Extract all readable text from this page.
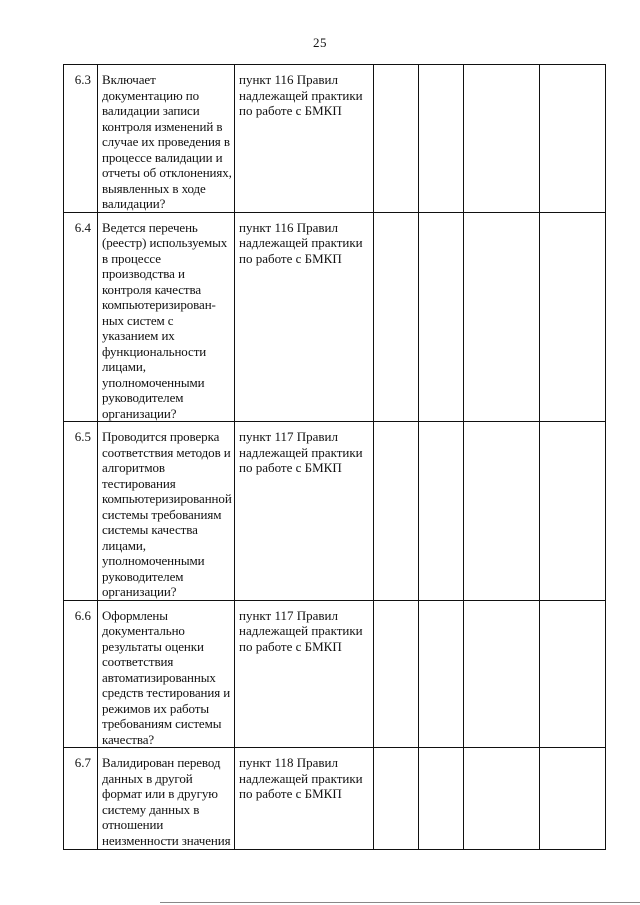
25
6.3	Включает документацию по валидации записи контроля изменений в случае их проведения в процессе валидации и отчеты об отклонениях, выявленных в ходе валидации?	пункт 116 Правил надлежащей практики по работе с БМКП				
6.4	Ведется перечень (реестр) используемых в процессе производства и контроля качества компьютеризирован-ных систем с указанием их функциональности лицами, уполномоченными руководителем организации?	пункт 116 Правил надлежащей практики по работе с БМКП				
6.5	Проводится проверка соответствия методов и алгоритмов тестирования компьютеризированной системы требованиям системы качества лицами, уполномоченными руководителем организации?	пункт 117 Правил надлежащей практики по работе с БМКП				
6.6	Оформлены документально результаты оценки соответствия автоматизированных средств тестирования и режимов их работы требованиям системы качества?	пункт 117 Правил надлежащей практики по работе с БМКП				
6.7	Валидирован перевод данных в другой формат или в другую систему данных в отношении неизменности значения	пункт 118 Правил надлежащей практики по работе с БМКП				
